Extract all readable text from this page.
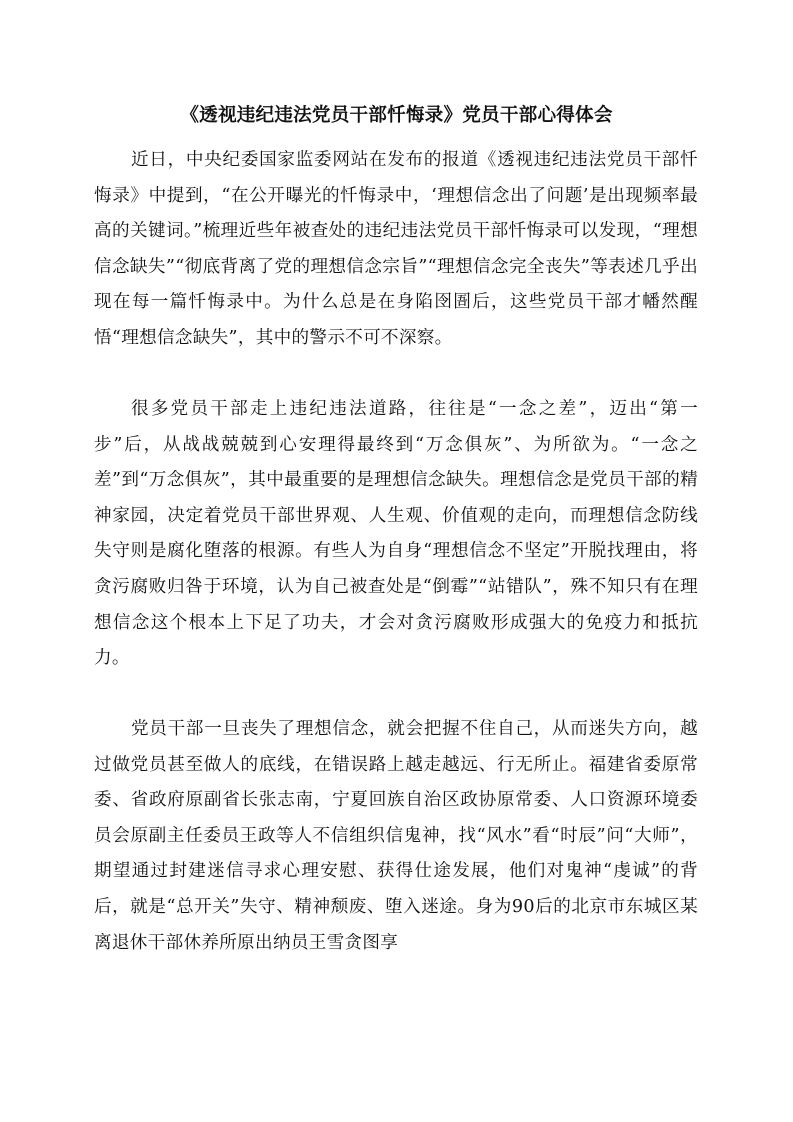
《透视违纪违法党员干部忏悔录》党员干部心得体会

近日，中央纪委国家监委网站在发布的报道《透视违纪违法党员干部忏悔录》中提到，“在公开曝光的忏悔录中，‘理想信念出了问题’是出现频率最高的关键词。”梳理近些年被查处的违纪违法党员干部忏悔录可以发现，“理想信念缺失”“彻底背离了党的理想信念宗旨”“理想信念完全丧失”等表述几乎出现在每一篇忏悔录中。为什么总是在身陷囹圄后，这些党员干部才幡然醒悟“理想信念缺失”，其中的警示不可不深察。

很多党员干部走上违纪违法道路，往往是“一念之差”，迈出“第一步”后，从战战兢兢到心安理得最终到“万念俱灰”、为所欲为。“一念之差”到“万念俱灰”，其中最重要的是理想信念缺失。理想信念是党员干部的精神家园，决定着党员干部世界观、人生观、价值观的走向，而理想信念防线失守则是腐化堕落的根源。有些人为自身“理想信念不坚定”开脱找理由，将贪污腐败归咎于环境，认为自己被查处是“倒霉”“站错队”，殊不知只有在理想信念这个根本上下足了功夫，才会对贪污腐败形成强大的免疫力和抵抗力。

党员干部一旦丧失了理想信念，就会把握不住自己，从而迷失方向，越过做党员甚至做人的底线，在错误路上越走越远、行无所止。福建省委原常委、省政府原副省长张志南，宁夏回族自治区政协原常委、人口资源环境委员会原副主任委员王政等人不信组织信鬼神，找“风水”看“时辰”问“大师”，期望通过封建迷信寻求心理安慰、获得仕途发展，他们对鬼神“虔诚”的背后，就是“总开关”失守、精神颓废、堕入迷途。身为90后的北京市东城区某离退休干部休养所原出纳员王雪贪图享
